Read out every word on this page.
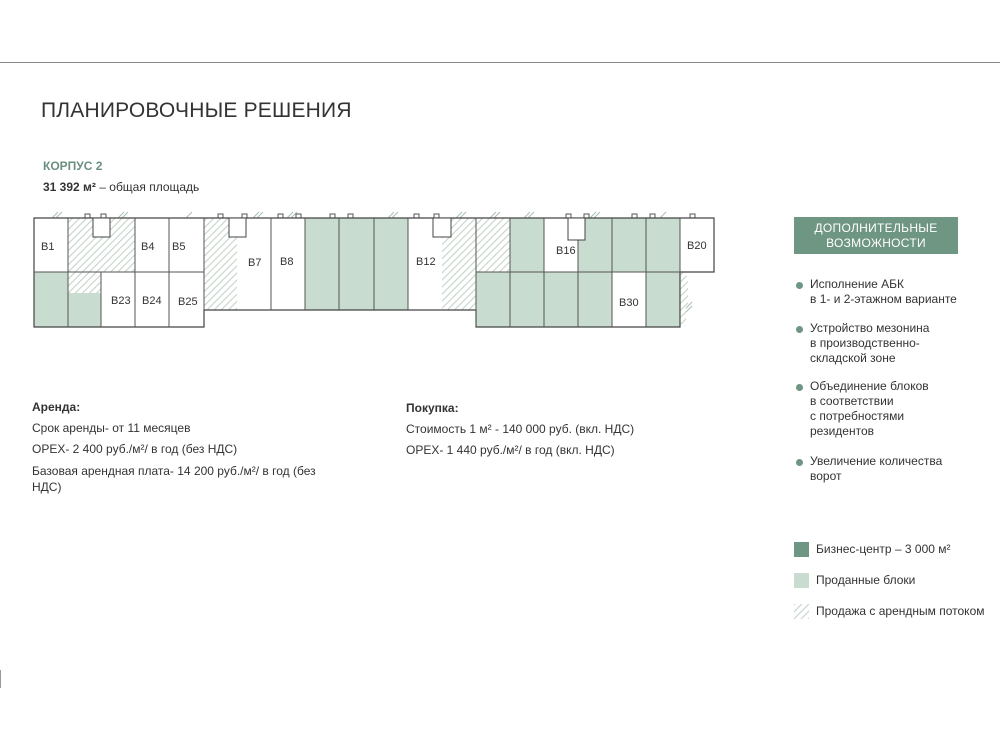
ПЛАНИРОВОЧНЫЕ РЕШЕНИЯ
КОРПУС 2
31 392 м² – общая площадь
B1	B4 B5
B23 B24 B25
B7 B8	B12
B16	B20
B30
Аренда:
Срок аренды- от 11 месяцев
OPEX- 2 400 руб./м²/ в год (без НДС)
Базовая арендная плата- 14 200 руб./м²/ в год (без
НДС)
Покупка:
Стоимость 1 м² - 140 000 руб. (вкл. НДС)
OPEX- 1 440 руб./м²/ в год (вкл. НДС)
ДОПОЛНИТЕЛЬНЫЕ
ВОЗМОЖНОСТИ
Исполнение АБК
в 1- и 2-этажном варианте
Устройство мезонина
в производственно-
складской зоне
Объединение блоков
в соответствии
с потребностями
резидентов
Увеличение количества
ворот
Бизнес-центр – 3 000 м²
Проданные блоки
Продажа с арендным потоком
